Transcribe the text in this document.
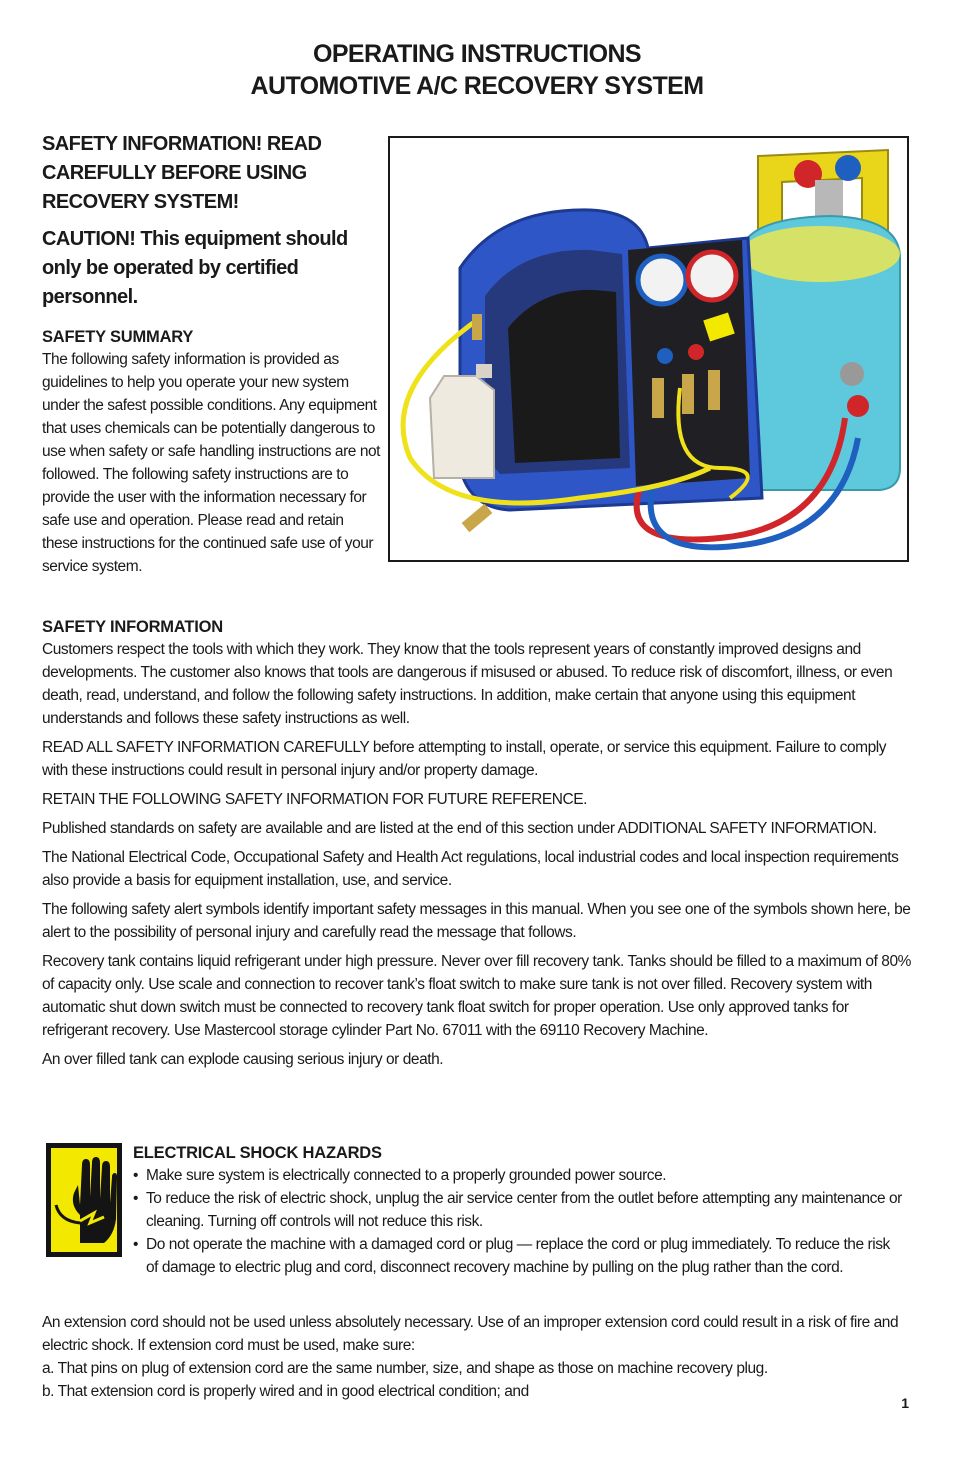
OPERATING INSTRUCTIONS
AUTOMOTIVE A/C RECOVERY SYSTEM

SAFETY INFORMATION! READ CAREFULLY BEFORE USING RECOVERY SYSTEM!

CAUTION! This equipment should only be operated by certified personnel.

SAFETY SUMMARY

The following safety information is provided as guidelines to help you operate your new system under the safest possible conditions. Any equipment that uses chemicals can be potentially dangerous to use when safety or safe handling instructions are not followed. The following safety instructions are to provide the user with the information necessary for safe use and operation. Please read and retain these instructions for the continued safe use of your service system.

SAFETY INFORMATION

Customers respect the tools with which they work. They know that the tools represent years of constantly improved designs and developments. The customer also knows that tools are dangerous if misused or abused. To reduce risk of discomfort, illness, or even death, read, understand, and follow the following safety instructions. In addition, make certain that anyone using this equipment understands and follows these safety instructions as well.

READ ALL SAFETY INFORMATION CAREFULLY before attempting to install, operate, or service this equipment. Failure to comply with these instructions could result in personal injury and/or property damage.

RETAIN THE FOLLOWING SAFETY INFORMATION FOR FUTURE REFERENCE.

Published standards on safety are available and are listed at the end of this section under ADDITIONAL SAFETY INFORMATION.

The National Electrical Code, Occupational Safety and Health Act regulations, local industrial codes and local inspection requirements also provide a basis for equipment installation, use, and service.

The following safety alert symbols identify important safety messages in this manual. When you see one of the symbols shown here, be alert to the possibility of personal injury and carefully read the message that follows.

Recovery tank contains liquid refrigerant under high pressure. Never over fill recovery tank. Tanks should be filled to a maximum of 80% of capacity only. Use scale and connection to recover tank’s float switch to make sure tank is not over filled. Recovery system with automatic shut down switch must be connected to recovery tank float switch for proper operation. Use only approved tanks for refrigerant recovery. Use Mastercool storage cylinder Part No. 67011 with the 69110 Recovery Machine.

An over filled tank can explode causing serious injury or death.

ELECTRICAL SHOCK HAZARDS

• Make sure system is electrically connected to a properly grounded power source.
• To reduce the risk of electric shock, unplug the air service center from the outlet before attempting any maintenance or cleaning. Turning off controls will not reduce this risk.
• Do not operate the machine with a damaged cord or plug — replace the cord or plug immediately. To reduce the risk of damage to electric plug and cord, disconnect recovery machine by pulling on the plug rather than the cord.

An extension cord should not be used unless absolutely necessary. Use of an improper extension cord could result in a risk of fire and electric shock. If extension cord must be used, make sure:

a. That pins on plug of extension cord are the same number, size, and shape as those on machine recovery plug.

b. That extension cord is properly wired and in good electrical condition; and

1
